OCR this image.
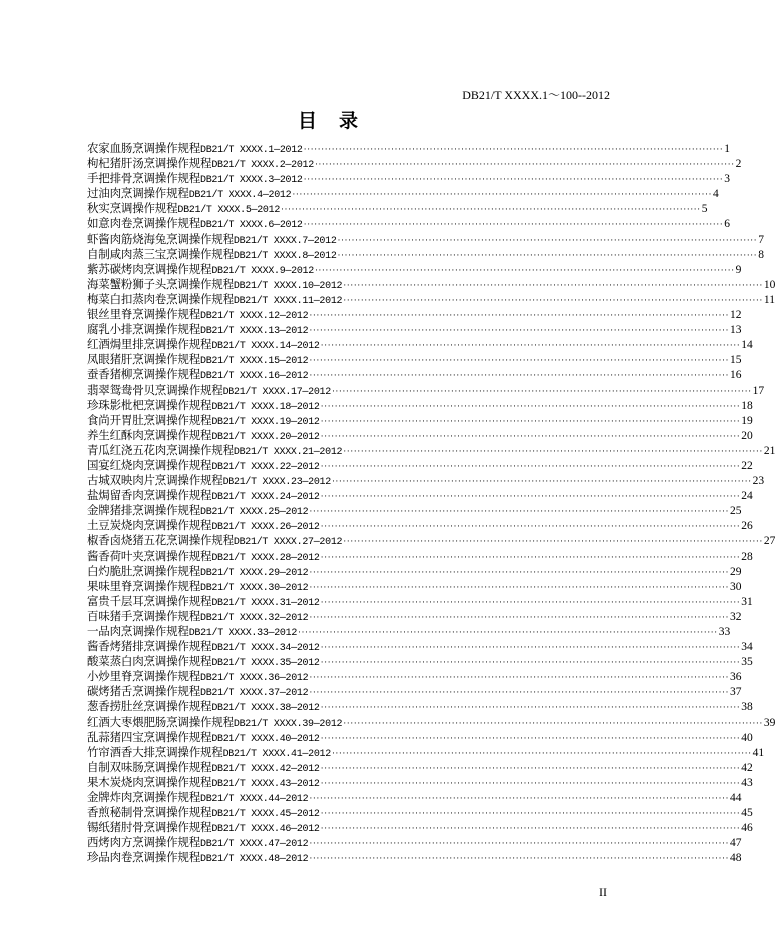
DB21/T XXXX.1～100--2012
目录
农家血肠烹调操作规程 DB21/T XXXX.1—2012 ························································································································ 1
枸杞猪肝汤烹调操作规程 DB21/T XXXX.2—2012 ························································································································ 2
手把排骨烹调操作规程 DB21/T XXXX.3—2012 ························································································································ 3
过油肉烹调操作规程 DB21/T XXXX.4—2012 ························································································································ 4
秋实烹调操作规程 DB21/T XXXX.5—2012 ························································································································ 5
如意肉卷烹调操作规程 DB21/T XXXX.6—2012 ························································································································ 6
虾酱肉筋烧海兔烹调操作规程 DB21/T XXXX.7—2012 ························································································································ 7
自制咸肉蒸三宝烹调操作规程 DB21/T XXXX.8—2012 ························································································································ 8
紫苏碳烤肉烹调操作规程 DB21/T XXXX.9—2012 ························································································································ 9
海菜蟹粉狮子头烹调操作规程 DB21/T XXXX.10—2012 ························································································································ 10
梅菜白扣蒸肉卷烹调操作规程 DB21/T XXXX.11—2012 ························································································································ 11
银丝里脊烹调操作规程 DB21/T XXXX.12—2012 ························································································································ 12
腐乳小排烹调操作规程 DB21/T XXXX.13—2012 ························································································································ 13
红酒焗里排烹调操作规程 DB21/T XXXX.14—2012 ························································································································ 14
凤眼猪肝烹调操作规程 DB21/T XXXX.15—2012 ························································································································ 15
蚕香猪柳烹调操作规程 DB21/T XXXX.16—2012 ························································································································ 16
翡翠鸳鸯骨贝烹调操作规程 DB21/T XXXX.17—2012 ························································································································ 17
珍珠影枇杷烹调操作规程 DB21/T XXXX.18—2012 ························································································································ 18
食尚开胃肚烹调操作规程 DB21/T XXXX.19—2012 ························································································································ 19
养生红酥肉烹调操作规程 DB21/T XXXX.20—2012 ························································································································ 20
青瓜红浇五花肉烹调操作规程 DB21/T XXXX.21—2012 ························································································································ 21
国宴红烧肉烹调操作规程 DB21/T XXXX.22—2012 ························································································································ 22
古城双映肉片烹调操作规程 DB21/T XXXX.23—2012 ························································································································ 23
盐焗留香肉烹调操作规程 DB21/T XXXX.24—2012 ························································································································ 24
金牌猪排烹调操作规程 DB21/T XXXX.25—2012 ························································································································ 25
土豆炭烧肉烹调操作规程 DB21/T XXXX.26—2012 ························································································································ 26
椒香卤烧猪五花烹调操作规程 DB21/T XXXX.27—2012 ························································································································ 27
酱香荷叶夹烹调操作规程 DB21/T XXXX.28—2012 ························································································································ 28
白灼脆肚烹调操作规程 DB21/T XXXX.29—2012 ························································································································ 29
果味里脊烹调操作规程 DB21/T XXXX.30—2012 ························································································································ 30
富贵千层耳烹调操作规程 DB21/T XXXX.31—2012 ························································································································ 31
百味猪手烹调操作规程 DB21/T XXXX.32—2012 ························································································································ 32
一品肉烹调操作规程 DB21/T XXXX.33—2012 ························································································································ 33
酱香烤猪排烹调操作规程 DB21/T XXXX.34—2012 ························································································································ 34
酸菜蒸白肉烹调操作规程 DB21/T XXXX.35—2012 ························································································································ 35
小炒里脊烹调操作规程 DB21/T XXXX.36—2012 ························································································································ 36
碳烤猪舌烹调操作规程 DB21/T XXXX.37—2012 ························································································································ 37
葱香捞肚丝烹调操作规程 DB21/T XXXX.38—2012 ························································································································ 38
红酒大枣煨肥肠烹调操作规程 DB21/T XXXX.39—2012 ························································································································ 39
乱蒜猪四宝烹调操作规程 DB21/T XXXX.40—2012 ························································································································ 40
竹帘酒香大排烹调操作规程 DB21/T XXXX.41—2012 ························································································································ 41
自制双味肠烹调操作规程 DB21/T XXXX.42—2012 ························································································································ 42
果木炭烧肉烹调操作规程 DB21/T XXXX.43—2012 ························································································································ 43
金牌炸肉烹调操作规程 DB21/T XXXX.44—2012 ························································································································ 44
香煎秘制骨烹调操作规程 DB21/T XXXX.45—2012 ························································································································ 45
锡纸猪肘骨烹调操作规程 DB21/T XXXX.46—2012 ························································································································ 46
西烤肉方烹调操作规程 DB21/T XXXX.47—2012 ························································································································ 47
珍品肉卷烹调操作规程 DB21/T XXXX.48—2012 ························································································································ 48
II
